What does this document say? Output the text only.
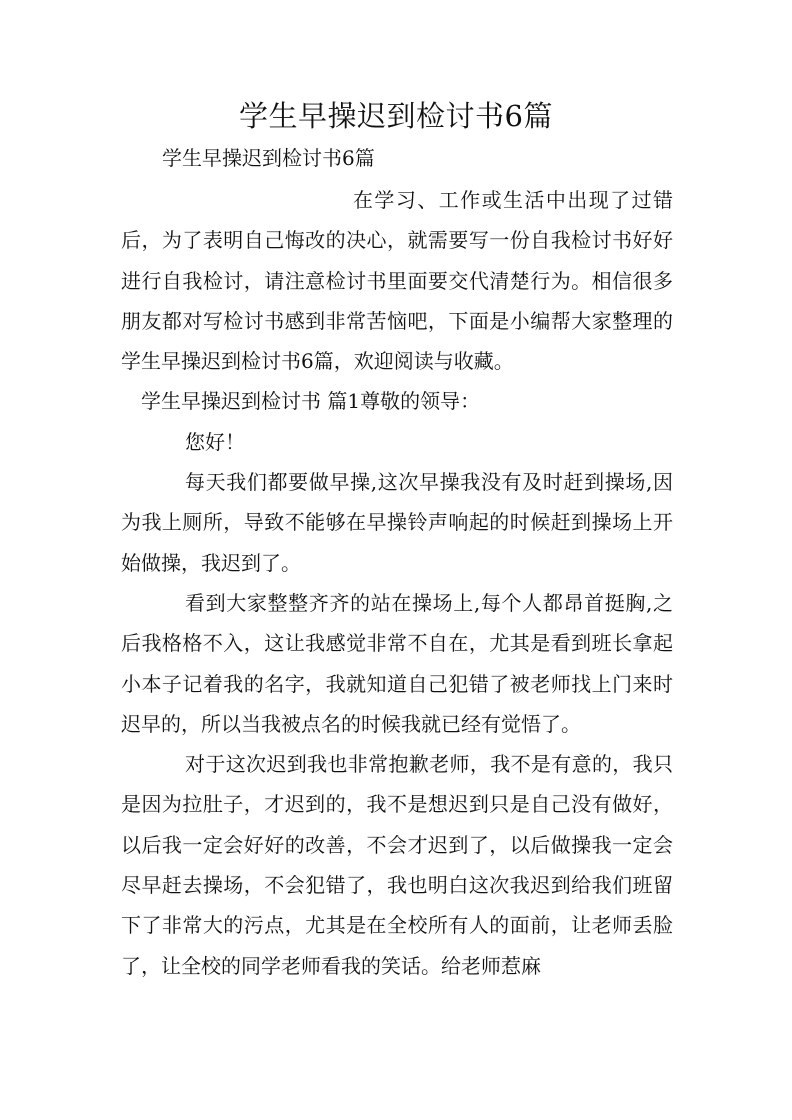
学生早操迟到检讨书6篇
学生早操迟到检讨书6篇

在学习、工作或生活中出现了过错后，为了表明自己悔改的决心，就需要写一份自我检讨书好好进行自我检讨，请注意检讨书里面要交代清楚行为。相信很多朋友都对写检讨书感到非常苦恼吧，下面是小编帮大家整理的学生早操迟到检讨书6篇，欢迎阅读与收藏。

学生早操迟到检讨书 篇1尊敬的领导：

您好！

每天我们都要做早操,这次早操我没有及时赶到操场,因为我上厕所，导致不能够在早操铃声响起的时候赶到操场上开始做操，我迟到了。

看到大家整整齐齐的站在操场上,每个人都昂首挺胸,之后我格格不入，这让我感觉非常不自在，尤其是看到班长拿起小本子记着我的名字，我就知道自己犯错了被老师找上门来时迟早的，所以当我被点名的时候我就已经有觉悟了。

对于这次迟到我也非常抱歉老师，我不是有意的，我只是因为拉肚子，才迟到的，我不是想迟到只是自己没有做好，以后我一定会好好的改善，不会才迟到了，以后做操我一定会尽早赶去操场，不会犯错了，我也明白这次我迟到给我们班留下了非常大的污点，尤其是在全校所有人的面前，让老师丢脸了，让全校的同学老师看我的笑话。给老师惹麻
